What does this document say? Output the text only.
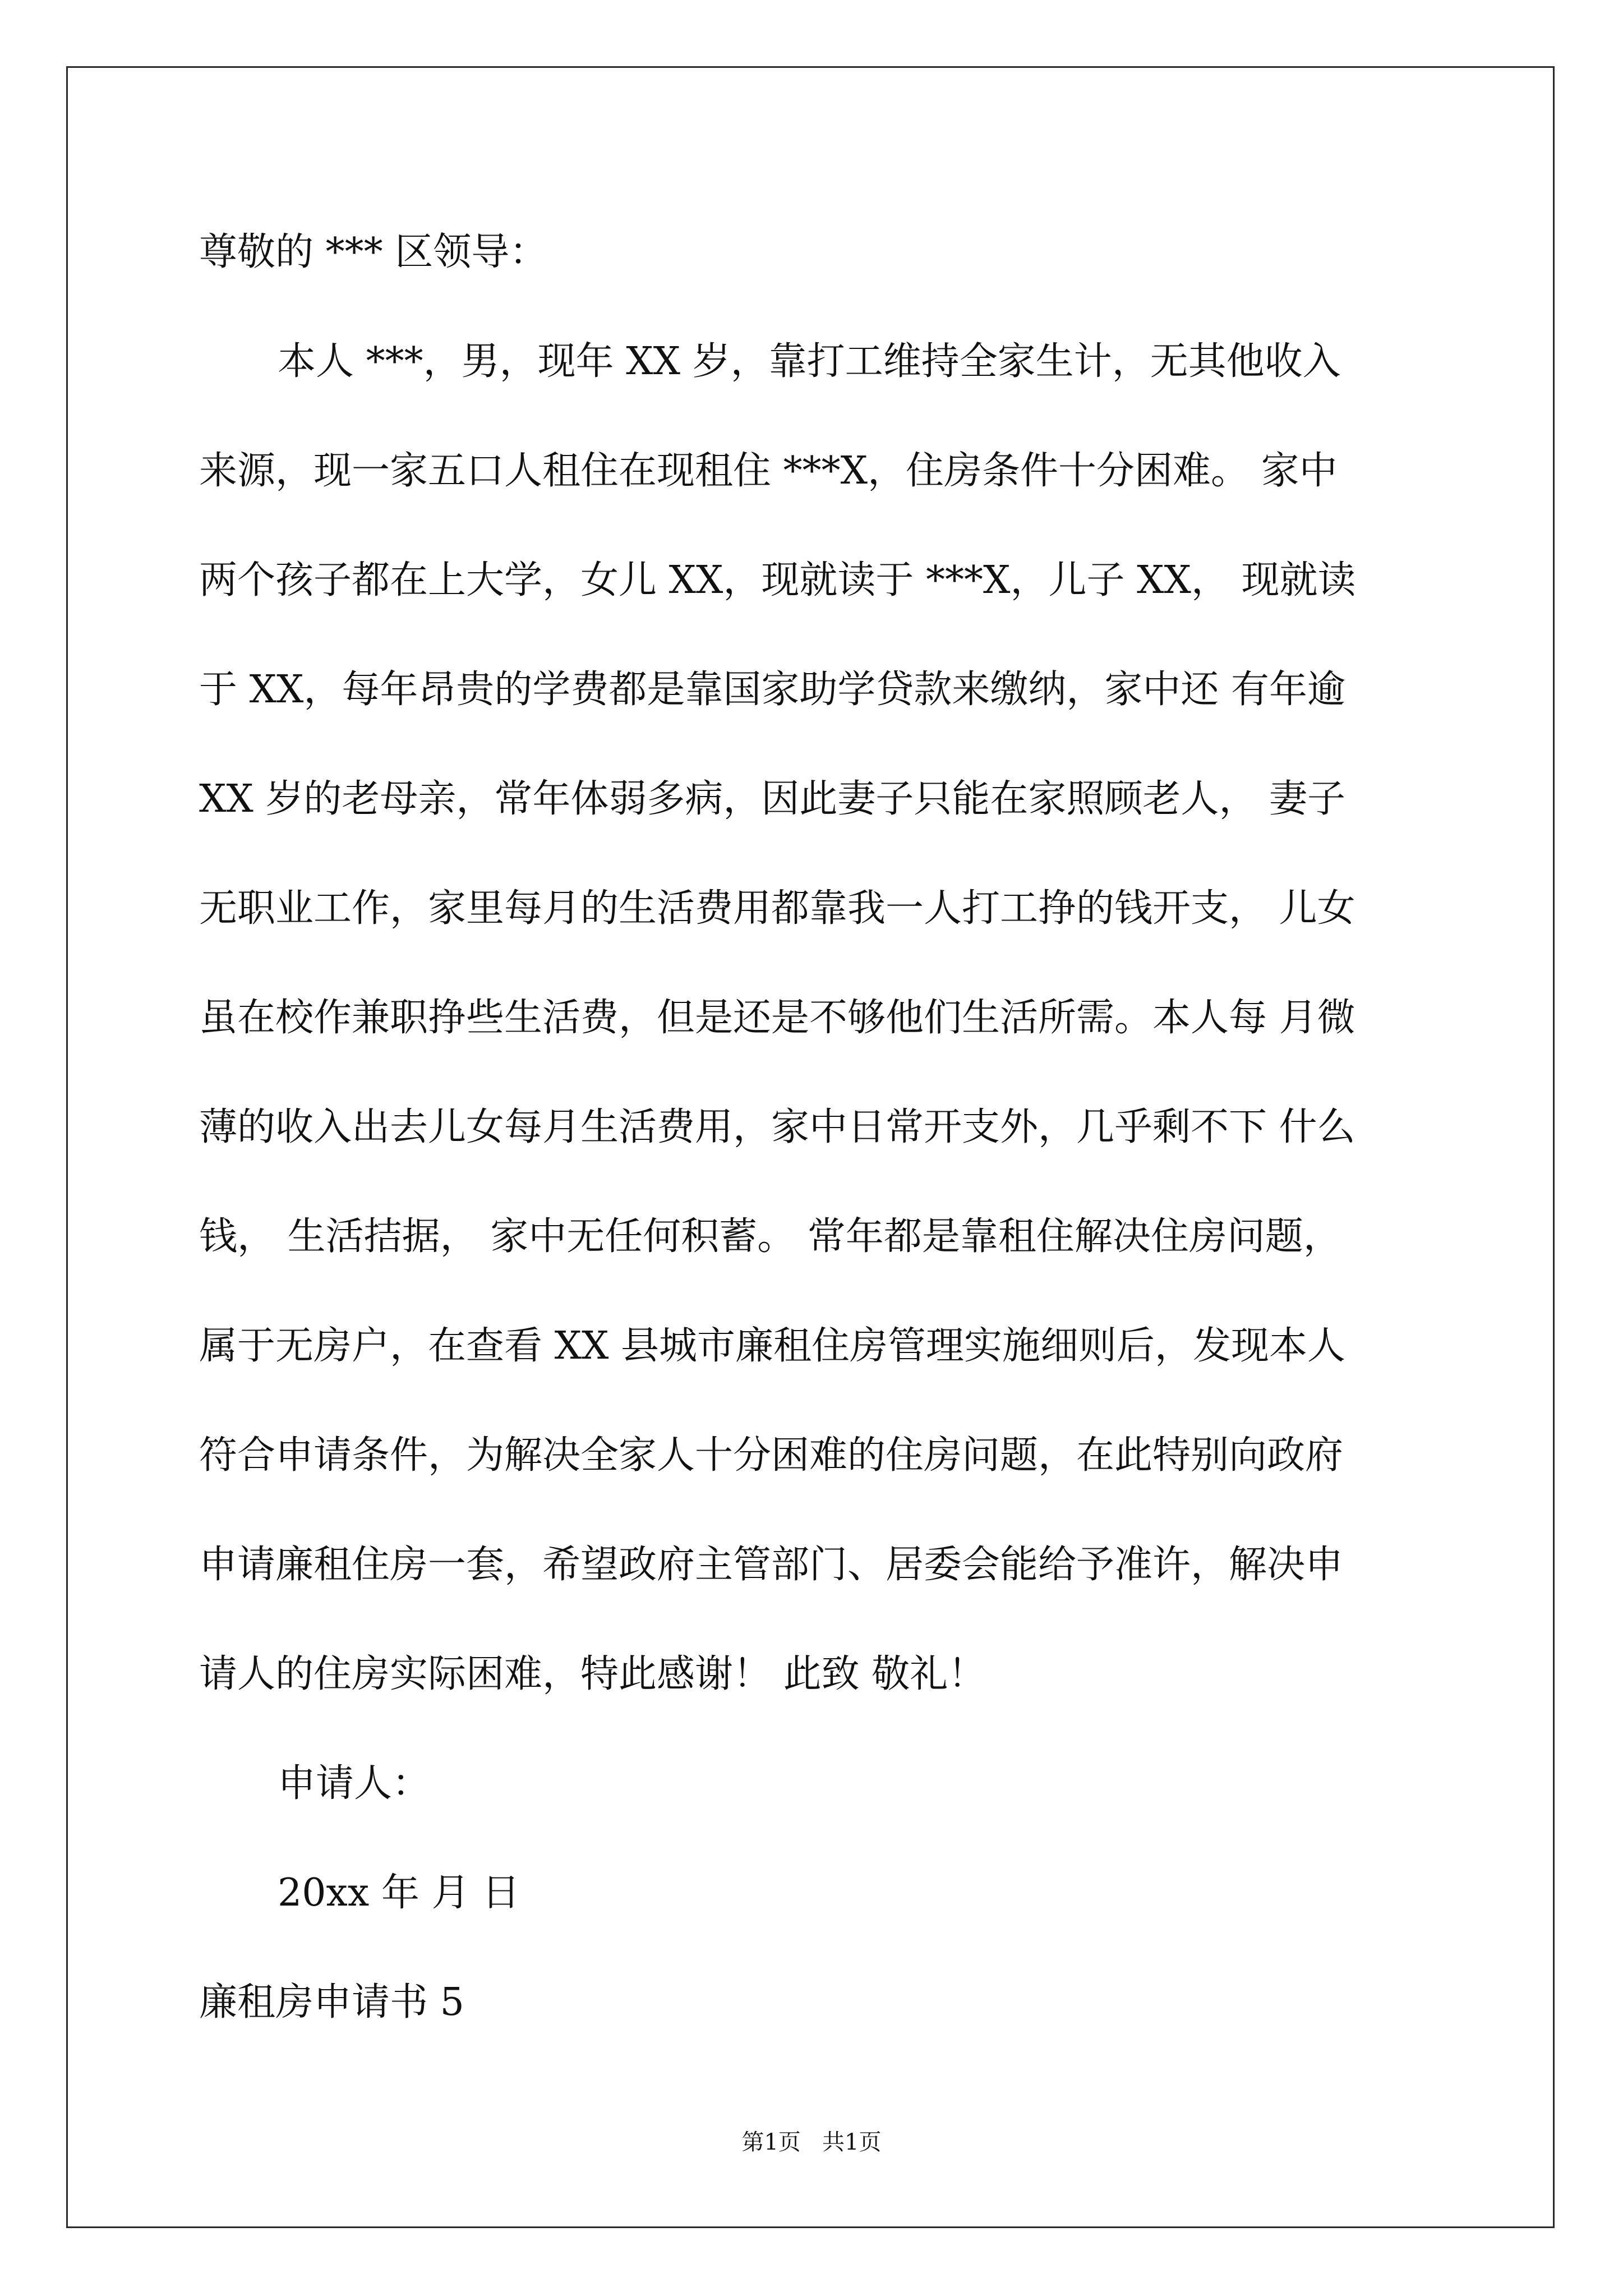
尊敬的 *** 区领导：
本人 ***，男，现年 XX 岁，靠打工维持全家生计，无其他收入
来源，现一家五口人租住在现租住 ***X，住房条件十分困难。 家中
两个孩子都在上大学，女儿 XX，现就读于 ***X，儿子 XX， 现就读
于 XX，每年昂贵的学费都是靠国家助学贷款来缴纳，家中还 有年逾
XX 岁的老母亲，常年体弱多病，因此妻子只能在家照顾老人， 妻子
无职业工作，家里每月的生活费用都靠我一人打工挣的钱开支， 儿女
虽在校作兼职挣些生活费，但是还是不够他们生活所需。本人每 月微
薄的收入出去儿女每月生活费用，家中日常开支外，几乎剩不下 什么
钱， 生活拮据， 家中无任何积蓄。 常年都是靠租住解决住房问题，
属于无房户，在查看 XX 县城市廉租住房管理实施细则后，发现本人
符合申请条件，为解决全家人十分困难的住房问题，在此特别向政府
申请廉租住房一套，希望政府主管部门、居委会能给予准许，解决申
请人的住房实际困难，特此感谢！ 此致 敬礼！
申请人：
20xx 年 月 日
廉租房申请书 5
第1页   共1页
